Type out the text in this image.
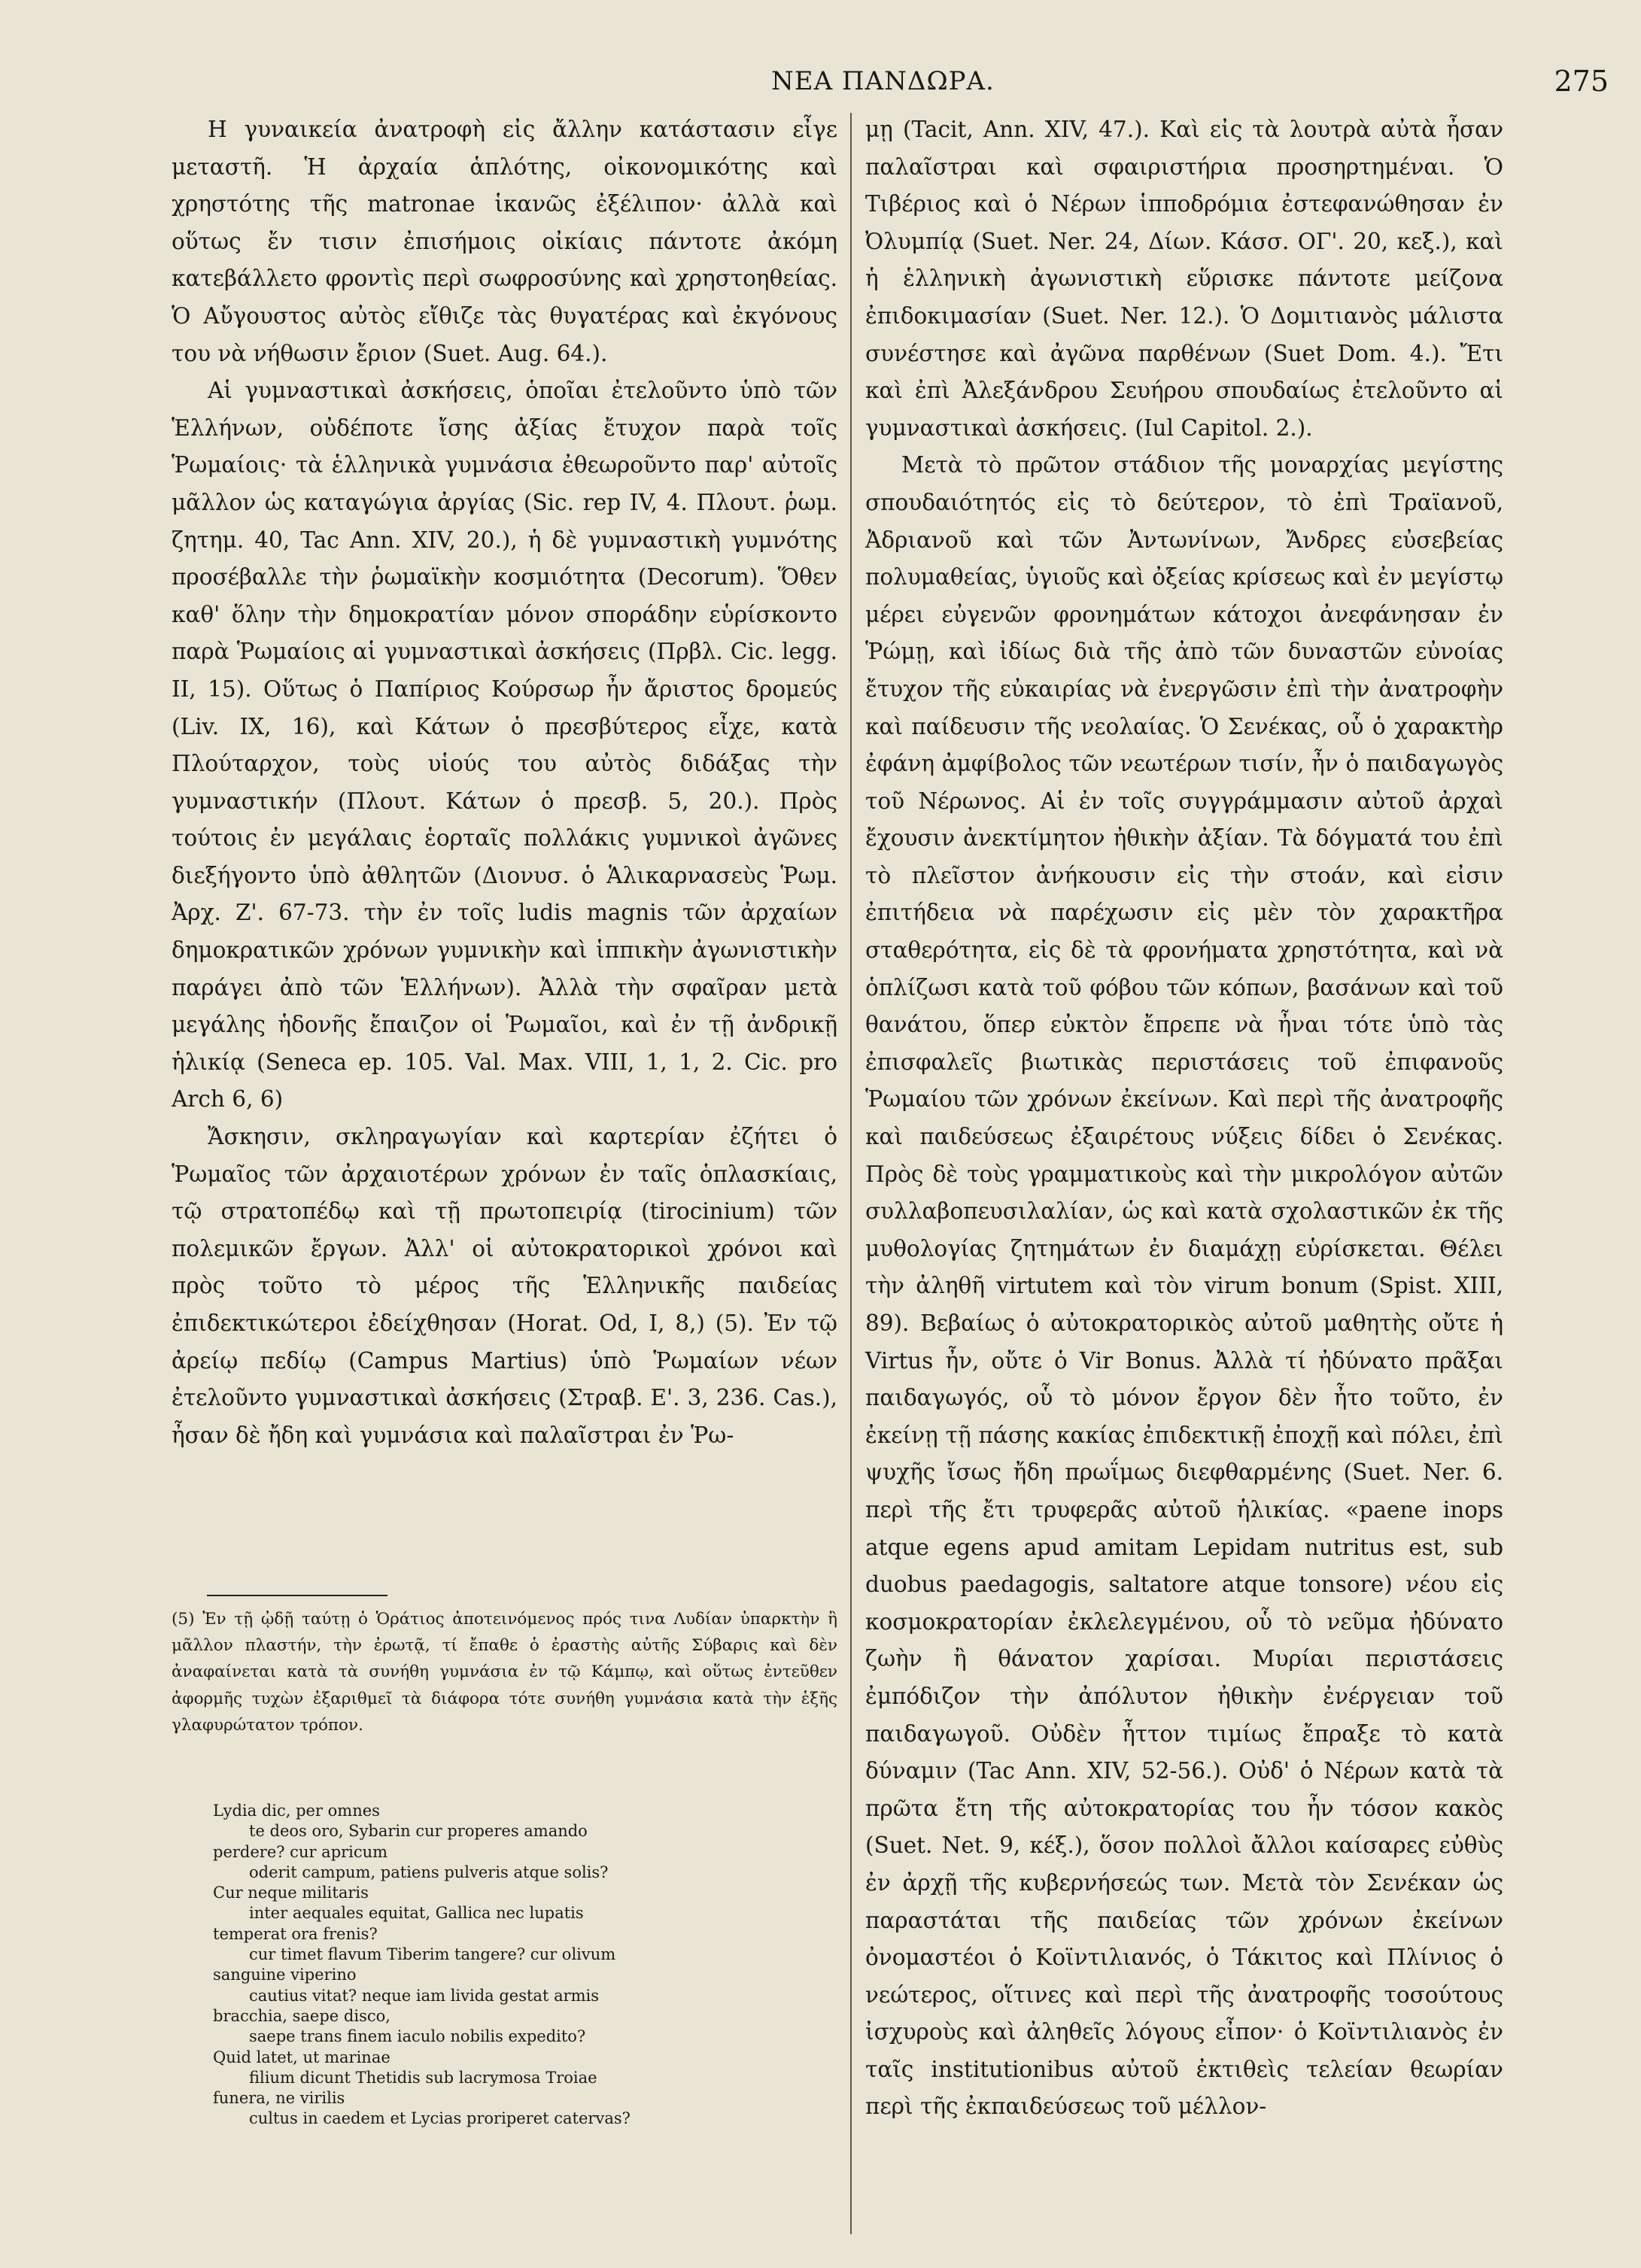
ΝΕΑ ΠΑΝΔΩΡΑ.	275

Η γυναικεία ἀνατροφὴ εἰς ἄλλην κατάστασιν εἶγε μεταστῆ. Ἡ ἀρχαία ἁπλότης, οἰκονομικότης καὶ χρηστότης τῆς matronae ἱκανῶς ἐξέλιπον· ἀλλὰ καὶ οὕτως ἔν τισιν ἐπισήμοις οἰκίαις πάντοτε ἀκόμη κατεβάλλετο φροντὶς περὶ σωφροσύνης καὶ χρηστοηθείας. Ὁ Αὔγουστος αὐτὸς εἴθιζε τὰς θυγατέρας καὶ ἐκγόνους του νὰ νήθωσιν ἔριον (Suet. Aug. 64.).

Αἱ γυμναστικαὶ ἀσκήσεις, ὁποῖαι ἐτελοῦντο ὑπὸ τῶν Ἑλλήνων, οὐδέποτε ἴσης ἀξίας ἔτυχον παρὰ τοῖς Ῥωμαίοις· τὰ ἑλληνικὰ γυμνάσια ἐθεωροῦντο παρ' αὐτοῖς μᾶλλον ὡς καταγώγια ἀργίας (Sic. rep IV, 4. Πλουτ. ῥωμ. ζητημ. 40, Tac Ann. XIV, 20.), ἡ δὲ γυμναστικὴ γυμνότης προσέβαλλε τὴν ῥωμαϊκὴν κοσμιότητα (Decorum). Ὅθεν καθ' ὅλην τὴν δημοκρατίαν μόνον σποράδην εὑρίσκοντο παρὰ Ῥωμαίοις αἱ γυμναστικαὶ ἀσκήσεις (Πρβλ. Cic. legg. II, 15). Οὕτως ὁ Παπίριος Κούρσωρ ἦν ἄριστος δρομεύς (Liv. IX, 16), καὶ Κάτων ὁ πρεσβύτερος εἶχε, κατὰ Πλούταρχον, τοὺς υἱούς του αὐτὸς διδάξας τὴν γυμναστικήν (Πλουτ. Κάτων ὁ πρεσβ. 5, 20.). Πρὸς τούτοις ἐν μεγάλαις ἑορταῖς πολλάκις γυμνικοὶ ἀγῶνες διεξήγοντο ὑπὸ ἀθλητῶν (Διονυσ. ὁ Ἁλικαρνασεὺς Ῥωμ. Ἀρχ. Ζ'. 67-73. τὴν ἐν τοῖς ludis magnis τῶν ἀρχαίων δημοκρατικῶν χρόνων γυμνικὴν καὶ ἱππικὴν ἀγωνιστικὴν παράγει ἀπὸ τῶν Ἑλλήνων). Ἀλλὰ τὴν σφαῖραν μετὰ μεγάλης ἡδονῆς ἔπαιζον οἱ Ῥωμαῖοι, καὶ ἐν τῇ ἀνδρικῇ ἡλικίᾳ (Seneca ep. 105. Val. Max. VIII, 1, 1, 2. Cic. pro Arch 6, 6)

Ἄσκησιν, σκληραγωγίαν καὶ καρτερίαν ἐζήτει ὁ Ῥωμαῖος τῶν ἀρχαιοτέρων χρόνων ἐν ταῖς ὁπλασκίαις, τῷ στρατοπέδῳ καὶ τῇ πρωτοπειρίᾳ (tirocinium) τῶν πολεμικῶν ἔργων. Ἀλλ' οἱ αὐτοκρατορικοὶ χρόνοι καὶ πρὸς τοῦτο τὸ μέρος τῆς Ἑλληνικῆς παιδείας ἐπιδεκτικώτεροι ἐδείχθησαν (Horat. Od, I, 8,) (5). Ἐν τῷ ἀρείῳ πεδίῳ (Campus Martius) ὑπὸ Ῥωμαίων νέων ἐτελοῦντο γυμναστικαὶ ἀσκήσεις (Στραβ. Ε'. 3, 236. Cas.), ἦσαν δὲ ἤδη καὶ γυμνάσια καὶ παλαῖστραι ἐν Ῥω-

μῃ (Tacit, Ann. XIV, 47.). Καὶ εἰς τὰ λουτρὰ αὐτὰ ἦσαν παλαῖστραι καὶ σφαιριστήρια προσηρτημέναι. Ὁ Τιβέριος καὶ ὁ Νέρων ἱπποδρόμια ἐστεφανώθησαν ἐν Ὀλυμπίᾳ (Suet. Ner. 24, Δίων. Κάσσ. ΟΓ'. 20, κεξ.), καὶ ἡ ἑλληνικὴ ἀγωνιστικὴ εὕρισκε πάντοτε μείζονα ἐπιδοκιμασίαν (Suet. Ner. 12.). Ὁ Δομιτιανὸς μάλιστα συνέστησε καὶ ἀγῶνα παρθένων (Suet Dom. 4.). Ἔτι καὶ ἐπὶ Ἀλεξάνδρου Σευήρου σπουδαίως ἐτελοῦντο αἱ γυμναστικαὶ ἀσκήσεις. (Iul Capitol. 2.).

Μετὰ τὸ πρῶτον στάδιον τῆς μοναρχίας μεγίστης σπουδαιότητός εἰς τὸ δεύτερον, τὸ ἐπὶ Τραϊανοῦ, Ἀδριανοῦ καὶ τῶν Ἀντωνίνων, Ἄνδρες εὐσεβείας πολυμαθείας, ὑγιοῦς καὶ ὀξείας κρίσεως καὶ ἐν μεγίστῳ μέρει εὐγενῶν φρονημάτων κάτοχοι ἀνεφάνησαν ἐν Ῥώμῃ, καὶ ἰδίως διὰ τῆς ἀπὸ τῶν δυναστῶν εὐνοίας ἔτυχον τῆς εὐκαιρίας νὰ ἐνεργῶσιν ἐπὶ τὴν ἀνατροφὴν καὶ παίδευσιν τῆς νεολαίας. Ὁ Σενέκας, οὗ ὁ χαρακτὴρ ἐφάνη ἀμφίβολος τῶν νεωτέρων τισίν, ἦν ὁ παιδαγωγὸς τοῦ Νέρωνος. Αἱ ἐν τοῖς συγγράμμασιν αὐτοῦ ἀρχαὶ ἔχουσιν ἀνεκτίμητον ἠθικὴν ἀξίαν. Τὰ δόγματά του ἐπὶ τὸ πλεῖστον ἀνήκουσιν εἰς τὴν στοάν, καὶ εἰσιν ἐπιτήδεια νὰ παρέχωσιν εἰς μὲν τὸν χαρακτῆρα σταθερότητα, εἰς δὲ τὰ φρονήματα χρηστότητα, καὶ νὰ ὁπλίζωσι κατὰ τοῦ φόβου τῶν κόπων, βασάνων καὶ τοῦ θανάτου, ὅπερ εὐκτὸν ἔπρεπε νὰ ἦναι τότε ὑπὸ τὰς ἐπισφαλεῖς βιωτικὰς περιστάσεις τοῦ ἐπιφανοῦς Ῥωμαίου τῶν χρόνων ἐκείνων. Καὶ περὶ τῆς ἀνατροφῆς καὶ παιδεύσεως ἐξαιρέτους νύξεις δίδει ὁ Σενέκας. Πρὸς δὲ τοὺς γραμματικοὺς καὶ τὴν μικρολόγον αὐτῶν συλλαβοπευσιλαλίαν, ὡς καὶ κατὰ σχολαστικῶν ἐκ τῆς μυθολογίας ζητημάτων ἐν διαμάχῃ εὑρίσκεται. Θέλει τὴν ἀληθῆ virtutem καὶ τὸν virum bonum (Spist. XIII, 89). Βεβαίως ὁ αὐτοκρατορικὸς αὐτοῦ μαθητὴς οὔτε ἡ Virtus ἦν, οὔτε ὁ Vir Bonus. Ἀλλὰ τί ἠδύνατο πρᾶξαι παιδαγωγός, οὗ τὸ μόνον ἔργον δὲν ἦτο τοῦτο, ἐν ἐκείνῃ τῇ πάσης κακίας ἐπιδεκτικῇ ἐποχῇ καὶ πόλει, ἐπὶ ψυχῆς ἴσως ἤδη πρωΐμως διεφθαρμένης (Suet. Ner. 6. περὶ τῆς ἔτι τρυφερᾶς αὐτοῦ ἡλικίας. «paene inops atque egens apud amitam Lepidam nutritus est, sub duobus paedagogis, saltatore atque tonsore) νέου εἰς κοσμοκρατορίαν ἐκλελεγμένου, οὗ τὸ νεῦμα ἠδύνατο ζωὴν ἢ θάνατον χαρίσαι. Μυρίαι περιστάσεις ἐμπόδιζον τὴν ἀπόλυτον ἠθικὴν ἐνέργειαν τοῦ παιδαγωγοῦ. Οὐδὲν ἧττον τιμίως ἔπραξε τὸ κατὰ δύναμιν (Tac Ann. XIV, 52-56.). Οὐδ' ὁ Νέρων κατὰ τὰ πρῶτα ἔτη τῆς αὐτοκρατορίας του ἦν τόσον κακὸς (Suet. Net. 9, κέξ.), ὅσον πολλοὶ ἄλλοι καίσαρες εὐθὺς ἐν ἀρχῇ τῆς κυβερνήσεώς των. Μετὰ τὸν Σενέκαν ὡς παραστάται τῆς παιδείας τῶν χρόνων ἐκείνων ὀνομαστέοι ὁ Κοϊντιλιανός, ὁ Τάκιτος καὶ Πλίνιος ὁ νεώτερος, οἵτινες καὶ περὶ τῆς ἀνατροφῆς τοσούτους ἰσχυροὺς καὶ ἀληθεῖς λόγους εἶπον· ὁ Κοϊντιλιανὸς ἐν ταῖς institutionibus αὐτοῦ ἐκτιθεὶς τελείαν θεωρίαν περὶ τῆς ἐκπαιδεύσεως τοῦ μέλλον-

(5) Ἐν τῇ ᾠδῇ ταύτῃ ὁ Ὁράτιος ἀποτεινόμενος πρός τινα Λυδίαν ὑπαρκτὴν ἢ μᾶλλον πλαστήν, τὴν ἐρωτᾷ, τί ἔπαθε ὁ ἐραστὴς αὐτῆς Σύβαρις καὶ δὲν ἀναφαίνεται κατὰ τὰ συνήθη γυμνάσια ἐν τῷ Κάμπῳ, καὶ οὕτως ἐντεῦθεν ἀφορμῆς τυχὼν ἐξαριθμεῖ τὰ διάφορα τότε συνήθη γυμνάσια κατὰ τὴν ἑξῆς γλαφυρώτατον τρόπον.
Lydia dic, per omnes
te deos oro, Sybarin cur properes amando
perdere? cur apricum
oderit campum, patiens pulveris atque solis?
Cur neque militaris
inter aequales equitat, Gallica nec lupatis
temperat ora frenis?
cur timet flavum Tiberim tangere? cur olivum
sanguine viperino
cautius vitat? neque iam livida gestat armis
bracchia, saepe disco,
saepe trans finem iaculo nobilis expedito?
Quid latet, ut marinae
filium dicunt Thetidis sub lacrymosa Troiae
funera, ne virilis
cultus in caedem et Lycias proriperet catervas?
